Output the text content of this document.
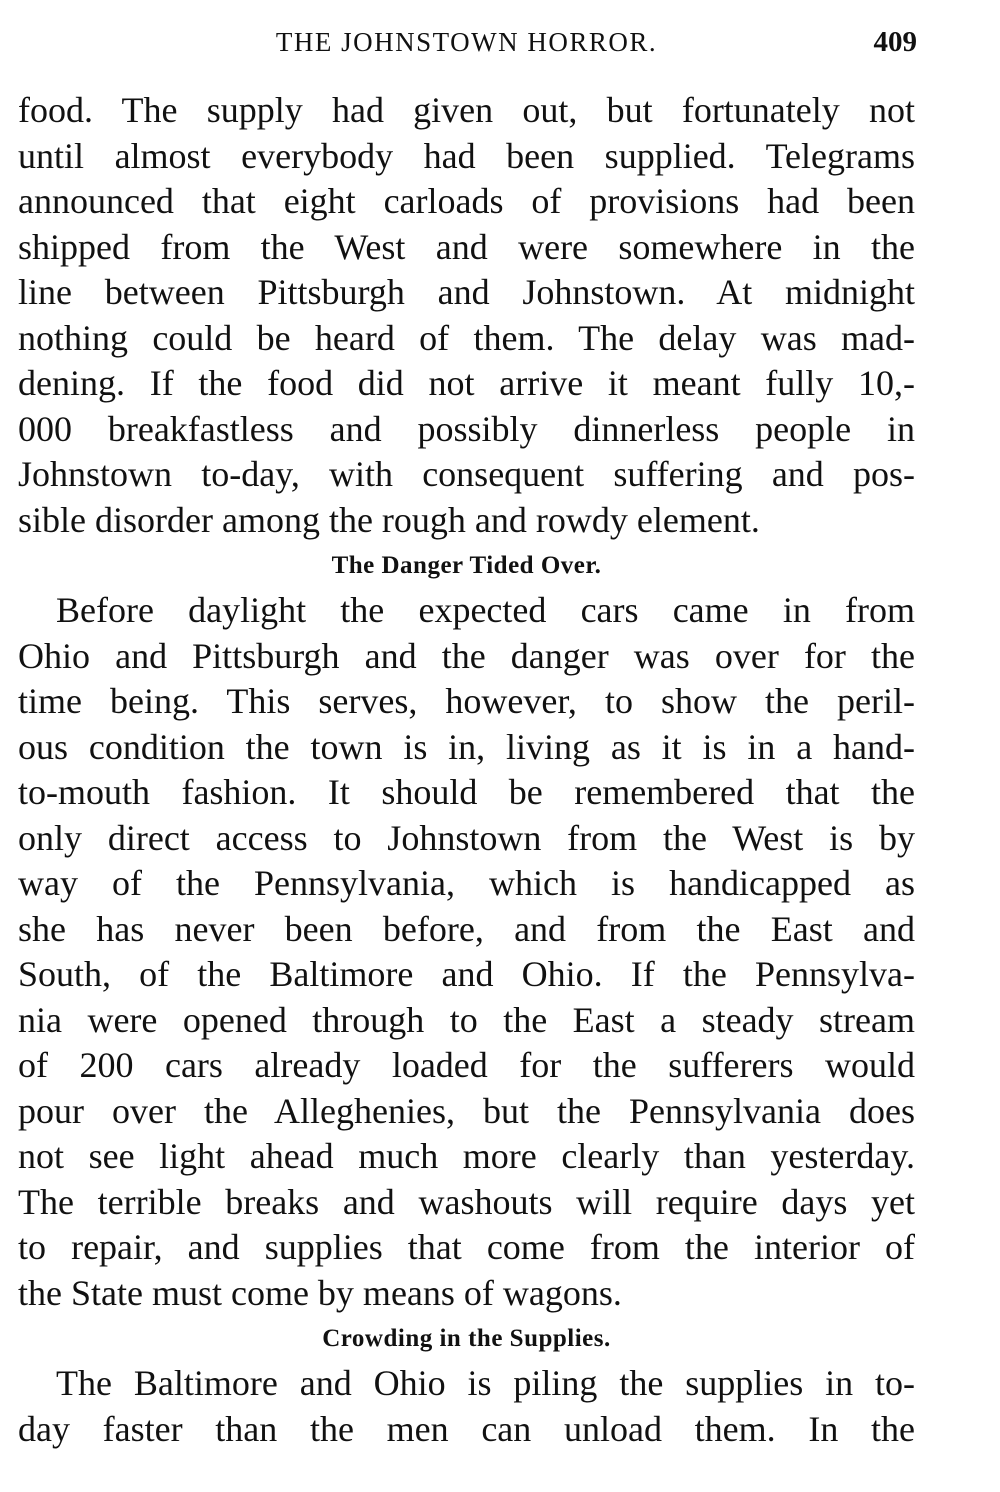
THE JOHNSTOWN HORROR.	409
food. The supply had given out, but fortunately not
until almost everybody had been supplied. Telegrams
announced that eight carloads of provisions had been
shipped from the West and were somewhere in the
line between Pittsburgh and Johnstown. At midnight
nothing could be heard of them. The delay was mad-
dening. If the food did not arrive it meant fully 10,-
000 breakfastless and possibly dinnerless people in
Johnstown to-day, with consequent suffering and pos-
sible disorder among the rough and rowdy element.
The Danger Tided Over.
Before daylight the expected cars came in from
Ohio and Pittsburgh and the danger was over for the
time being. This serves, however, to show the peril-
ous condition the town is in, living as it is in a hand-
to-mouth fashion. It should be remembered that the
only direct access to Johnstown from the West is by
way of the Pennsylvania, which is handicapped as
she has never been before, and from the East and
South, of the Baltimore and Ohio. If the Pennsylva-
nia were opened through to the East a steady stream
of 200 cars already loaded for the sufferers would
pour over the Alleghenies, but the Pennsylvania does
not see light ahead much more clearly than yesterday.
The terrible breaks and washouts will require days yet
to repair, and supplies that come from the interior of
the State must come by means of wagons.
Crowding in the Supplies.
The Baltimore and Ohio is piling the supplies in to-
day faster than the men can unload them. In the
